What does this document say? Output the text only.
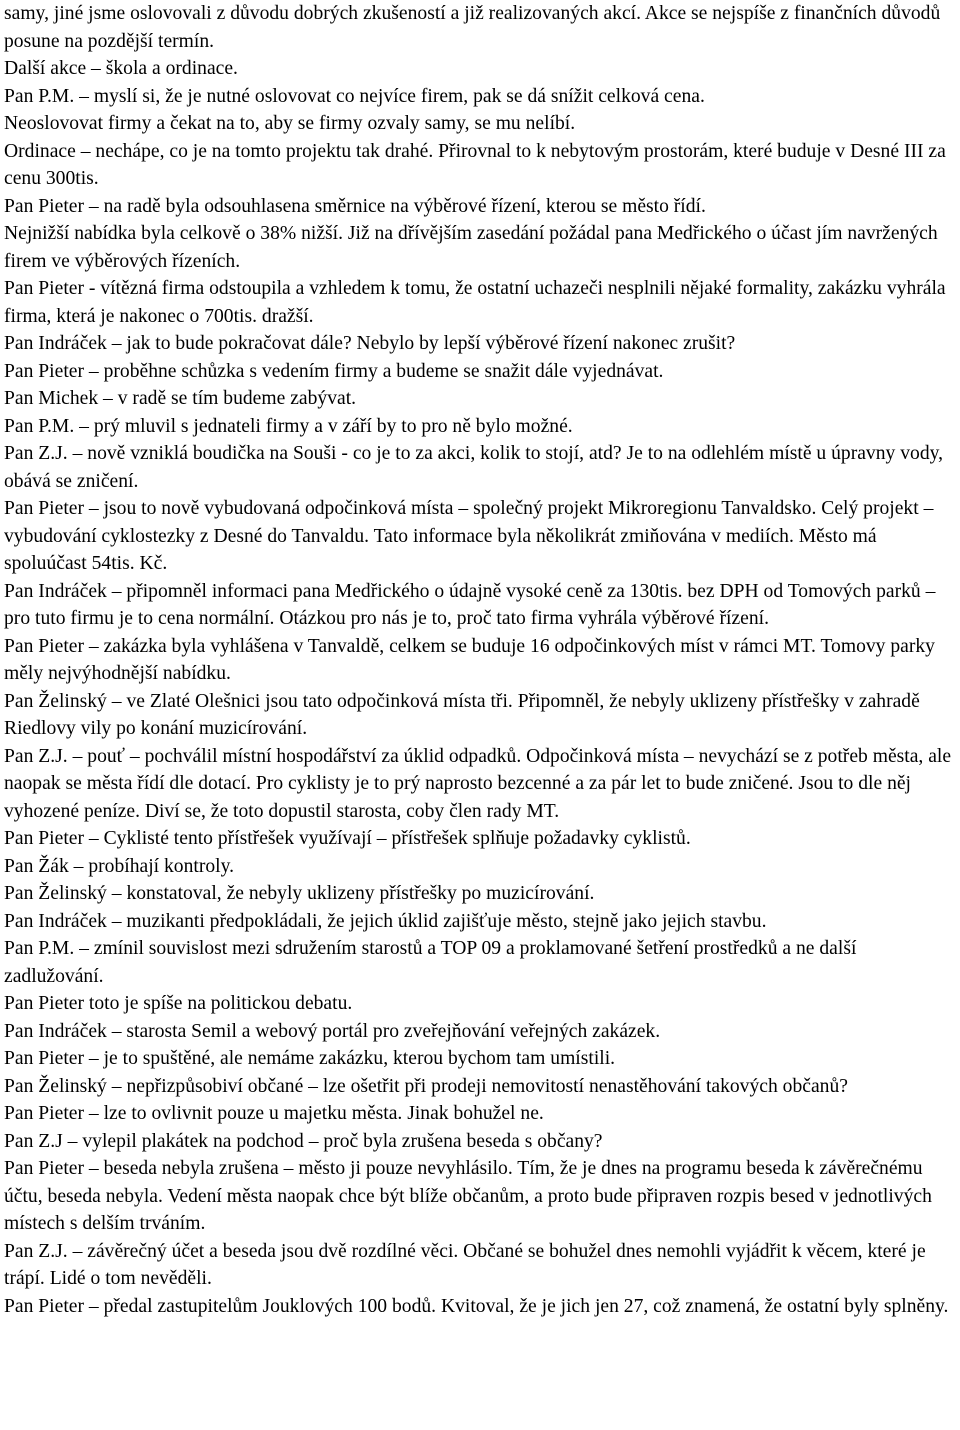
samy, jiné jsme oslovovali z důvodu dobrých zkušeností a již realizovaných akcí. Akce se nejspíše z finančních důvodů posune na pozdější termín.

Další akce – škola a ordinace.

Pan P.M. – myslí si, že je nutné oslovovat co nejvíce firem, pak se dá snížit celková cena.

Neoslovovat firmy a čekat na to, aby se firmy ozvaly samy, se mu nelíbí.

Ordinace – nechápe, co je na tomto projektu tak drahé. Přirovnal to k nebytovým prostorám, které buduje v Desné III za cenu 300tis.

Pan Pieter – na radě byla odsouhlasena směrnice na výběrové řízení, kterou se město řídí.

Nejnižší nabídka byla celkově o 38% nižší. Již na dřívějším zasedání požádal pana Medřického o účast jím navržených firem ve výběrových řízeních.

Pan Pieter - vítězná firma odstoupila a vzhledem k tomu, že ostatní uchazeči nesplnili nějaké formality, zakázku vyhrála firma, která je nakonec o 700tis. dražší.

Pan Indráček – jak to bude pokračovat dále? Nebylo by lepší výběrové řízení nakonec zrušit?

Pan Pieter – proběhne schůzka s vedením firmy a budeme se snažit dále vyjednávat.

Pan Michek – v radě se tím budeme zabývat.

Pan P.M. – prý mluvil s jednateli firmy a v září by to pro ně bylo možné.

Pan Z.J. – nově vzniklá boudička na Souši - co je to za akci, kolik to stojí, atd? Je to na odlehlém místě u úpravny vody, obává se zničení.

Pan Pieter – jsou to nově vybudovaná odpočinková místa – společný projekt Mikroregionu Tanvaldsko. Celý projekt – vybudování cyklostezky z Desné do Tanvaldu. Tato informace byla několikrát zmiňována v mediích. Město má spoluúčast 54tis. Kč.

Pan Indráček – připomněl informaci pana Medřického o údajně vysoké ceně za 130tis. bez DPH od Tomových parků – pro tuto firmu je to cena normální. Otázkou pro nás je to, proč tato firma vyhrála výběrové řízení.

Pan Pieter – zakázka byla vyhlášena v Tanvaldě, celkem se buduje 16 odpočinkových míst v rámci MT. Tomovy parky měly nejvýhodnější nabídku.

Pan Želinský – ve Zlaté Olešnici jsou tato odpočinková místa tři. Připomněl, že nebyly uklizeny přístřešky v zahradě Riedlovy vily po konání muzicírování.

Pan Z.J. – pouť – pochválil místní hospodářství za úklid odpadků. Odpočinková místa – nevychází se z potřeb města, ale naopak se města řídí dle dotací. Pro cyklisty je to prý naprosto bezcenné a za pár let to bude zničené. Jsou to dle něj vyhozené peníze. Diví se, že toto dopustil starosta, coby člen rady MT.

Pan Pieter – Cyklisté tento přístřešek využívají – přístřešek splňuje požadavky cyklistů.

Pan Žák – probíhají kontroly.

Pan Želinský – konstatoval, že nebyly uklizeny přístřešky po muzicírování.

Pan Indráček – muzikanti předpokládali, že jejich úklid zajišťuje město, stejně jako jejich stavbu.

Pan P.M. – zmínil souvislost mezi sdružením starostů a TOP 09 a proklamované šetření prostředků a ne další zadlužování.

Pan Pieter toto je spíše na politickou debatu.

Pan Indráček – starosta Semil a webový portál pro zveřejňování veřejných zakázek.

Pan Pieter – je to spuštěné, ale nemáme zakázku, kterou bychom tam umístili.

Pan Želinský – nepřizpůsobiví občané – lze ošetřit při prodeji nemovitostí nenastěhování takových občanů?

Pan Pieter – lze to ovlivnit pouze u majetku města. Jinak bohužel ne.

Pan Z.J – vylepil plakátek na podchod – proč byla zrušena beseda s občany?

Pan Pieter – beseda nebyla zrušena – město ji pouze nevyhlásilo. Tím, že je dnes na programu beseda k závěrečnému účtu, beseda nebyla. Vedení města naopak chce být blíže občanům, a proto bude připraven rozpis besed v jednotlivých místech s delším trváním.

Pan Z.J. – závěrečný účet a beseda jsou dvě rozdílné věci. Občané se bohužel dnes nemohli vyjádřit k věcem, které je trápí. Lidé o tom nevěděli.

Pan Pieter – předal zastupitelům Jouklových 100 bodů. Kvitoval, že je jich jen 27, což znamená, že ostatní byly splněny.
